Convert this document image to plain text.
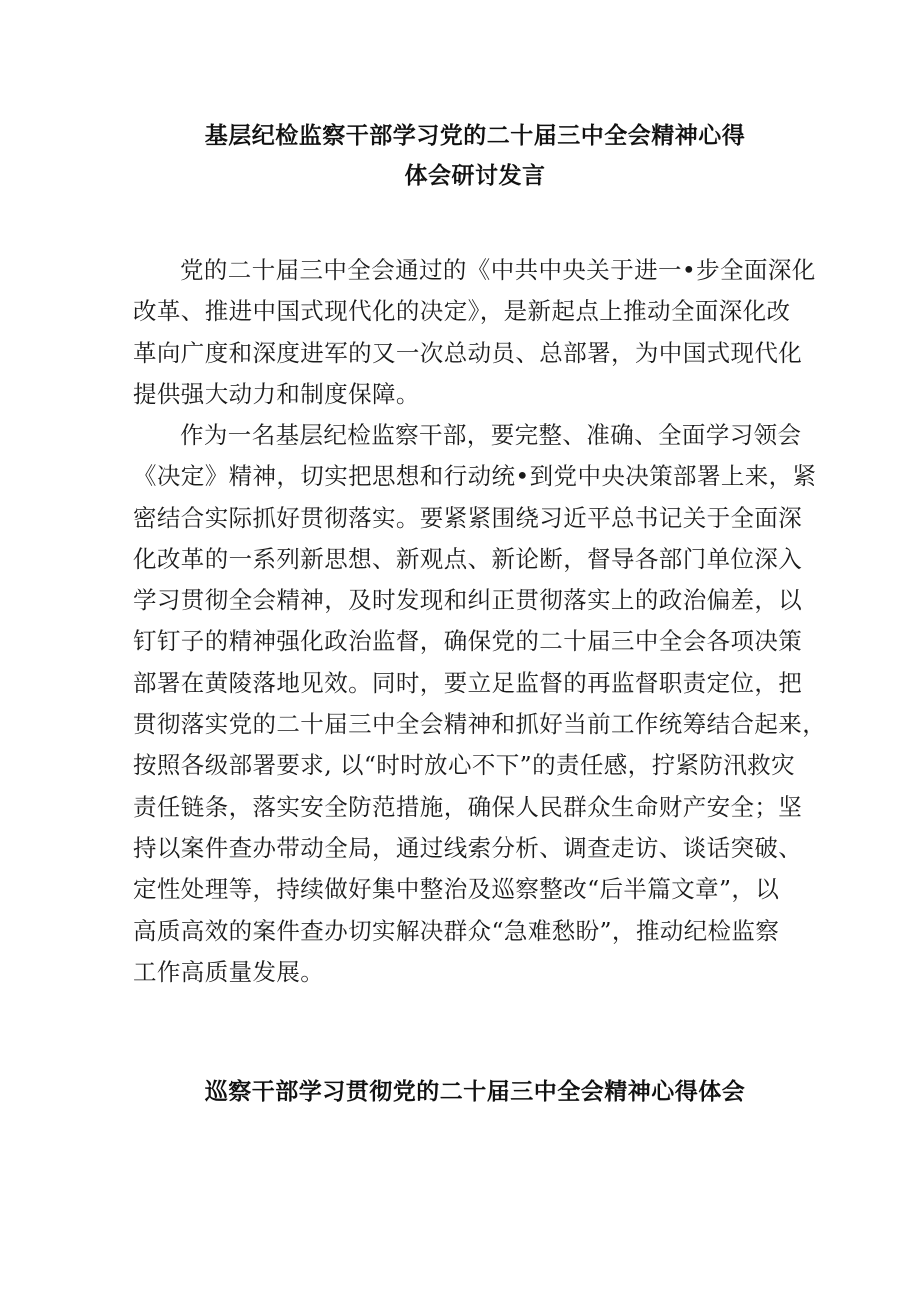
基层纪检监察干部学习党的二十届三中全会精神心得
体会研讨发言
党的二十届三中全会通过的《中共中央关于进一•步全面深化
改革、推进中国式现代化的决定》，是新起点上推动全面深化改
革向广度和深度进军的又一次总动员、总部署，为中国式现代化
提供强大动力和制度保障。
作为一名基层纪检监察干部，要完整、准确、全面学习领会
《决定》精神，切实把思想和行动统•到党中央决策部署上来，紧
密结合实际抓好贯彻落实。要紧紧围绕习近平总书记关于全面深
化改革的一系列新思想、新观点、新论断，督导各部门单位深入
学习贯彻全会精神，及时发现和纠正贯彻落实上的政治偏差，以
钉钉子的精神强化政治监督，确保党的二十届三中全会各项决策
部署在黄陵落地见效。同时，要立足监督的再监督职责定位，把
贯彻落实党的二十届三中全会精神和抓好当前工作统筹结合起来，
按照各级部署要求, 以“时时放心不下”的责任感，拧紧防汛救灾
责任链条，落实安全防范措施，确保人民群众生命财产安全；坚
持以案件查办带动全局，通过线索分析、调查走访、谈话突破、
定性处理等，持续做好集中整治及巡察整改“后半篇文章”，以
高质高效的案件查办切实解决群众“急难愁盼”，推动纪检监察
工作高质量发展。
巡察干部学习贯彻党的二十届三中全会精神心得体会
